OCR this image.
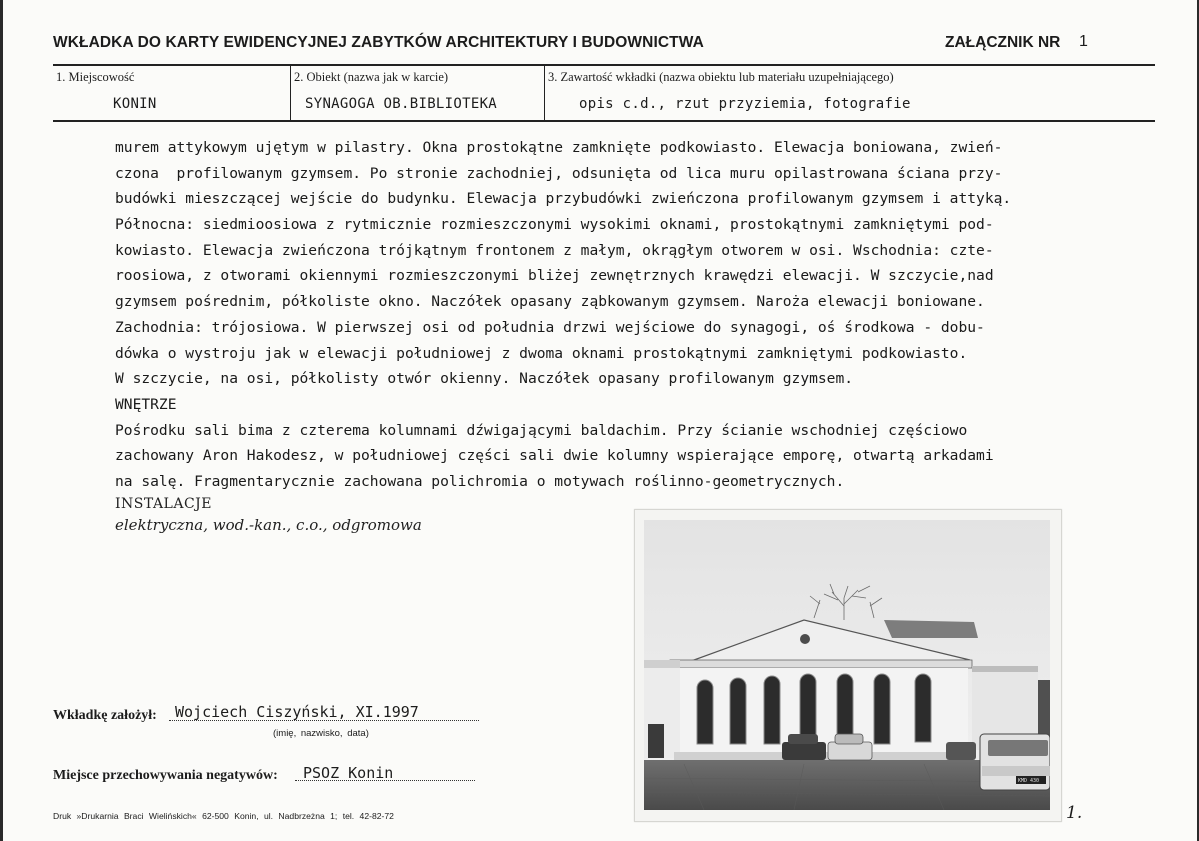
WKŁADKA DO KARTY EWIDENCYJNEJ ZABYTKÓW ARCHITEKTURY I BUDOWNICTWA	ZAŁĄCZNIK NR 1
1. Miejscowość
KONIN
2. Obiekt (nazwa jak w karcie)
SYNAGOGA OB.BIBLIOTEKA
3. Zawartość wkładki (nazwa obiektu lub materiału uzupełniającego)
opis c.d., rzut przyziemia, fotografie
murem attykowym ujętym w pilastry. Okna prostokątne zamknięte podkowiasto. Elewacja boniowana, zwień-
czona  profilowanym gzymsem. Po stronie zachodniej, odsunięta od lica muru opilastrowana ściana przy-
budówki mieszczącej wejście do budynku. Elewacja przybudówki zwieńczona profilowanym gzymsem i attyką.
Północna: siedmioosiowa z rytmicznie rozmieszczonymi wysokimi oknami, prostokątnymi zamkniętymi pod-
kowiasto. Elewacja zwieńczona trójkątnym frontonem z małym, okrągłym otworem w osi. Wschodnia: czte-
roosiowa, z otworami okiennymi rozmieszczonymi bliżej zewnętrznych krawędzi elewacji. W szczycie,nad
gzymsem pośrednim, półkoliste okno. Naczółek opasany ząbkowanym gzymsem. Naroża elewacji boniowane.
Zachodnia: trójosiowa. W pierwszej osi od południa drzwi wejściowe do synagogi, oś środkowa - dobu-
dówka o wystroju jak w elewacji południowej z dwoma oknami prostokątnymi zamkniętymi podkowiasto.
W szczycie, na osi, półkolisty otwór okienny. Naczółek opasany profilowanym gzymsem.
WNĘTRZE
Pośrodku sali bima z czterema kolumnami dźwigającymi baldachim. Przy ścianie wschodniej częściowo
zachowany Aron Hakodesz, w południowej części sali dwie kolumny wspierające emporę, otwartą arkadami
na salę. Fragmentarycznie zachowana polichromia o motywach roślinno-geometrycznych.
INSTALACJE
elektryczna, wod.-kan., c.o., odgromowa
KMD 430
Wkładkę założył: Wojciech Ciszyński, XI.1997
(imię, nazwisko, data)
Miejsce przechowywania negatywów: PSOZ Konin
Druk »Drukarnia Braci Wielińskich« 62-500 Konin, ul. Nadbrzeżna 1; tel. 42-82-72	1.
